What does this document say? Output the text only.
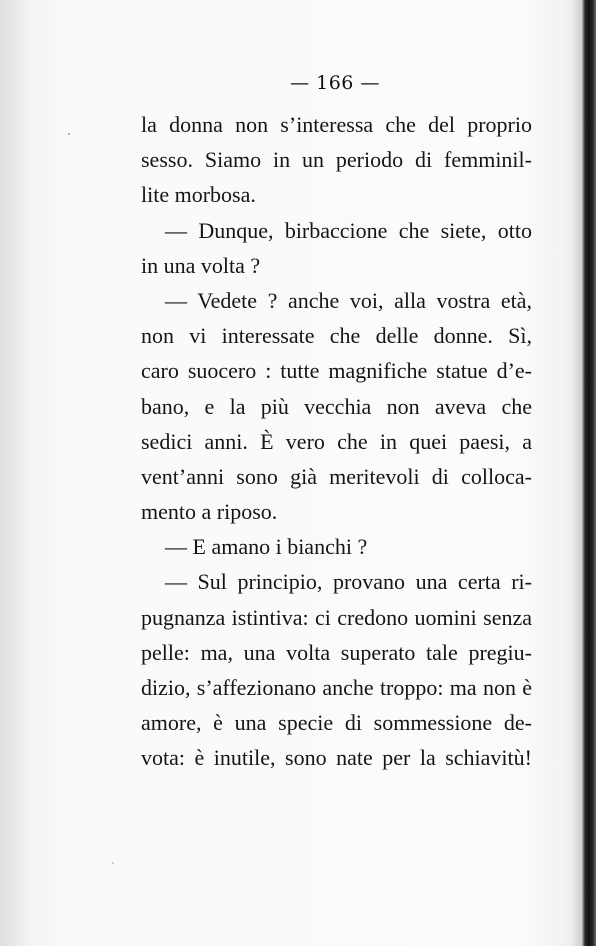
— 166 —
la donna non s’interessa che del proprio
sesso. Siamo in un periodo di femminil-
lite morbosa.
— Dunque, birbaccione che siete, otto
in una volta ?
— Vedete ? anche voi, alla vostra età,
non vi interessate che delle donne. Sì,
caro suocero : tutte magnifiche statue d’e-
bano, e la più vecchia non aveva che
sedici anni. È vero che in quei paesi, a
vent’anni sono già meritevoli di colloca-
mento a riposo.
— E amano i bianchi ?
— Sul principio, provano una certa ri-
pugnanza istintiva: ci credono uomini senza
pelle: ma, una volta superato tale pregiu-
dizio, s’affezionano anche troppo: ma non è
amore, è una specie di sommessione de-
vota: è inutile, sono nate per la schiavitù!
